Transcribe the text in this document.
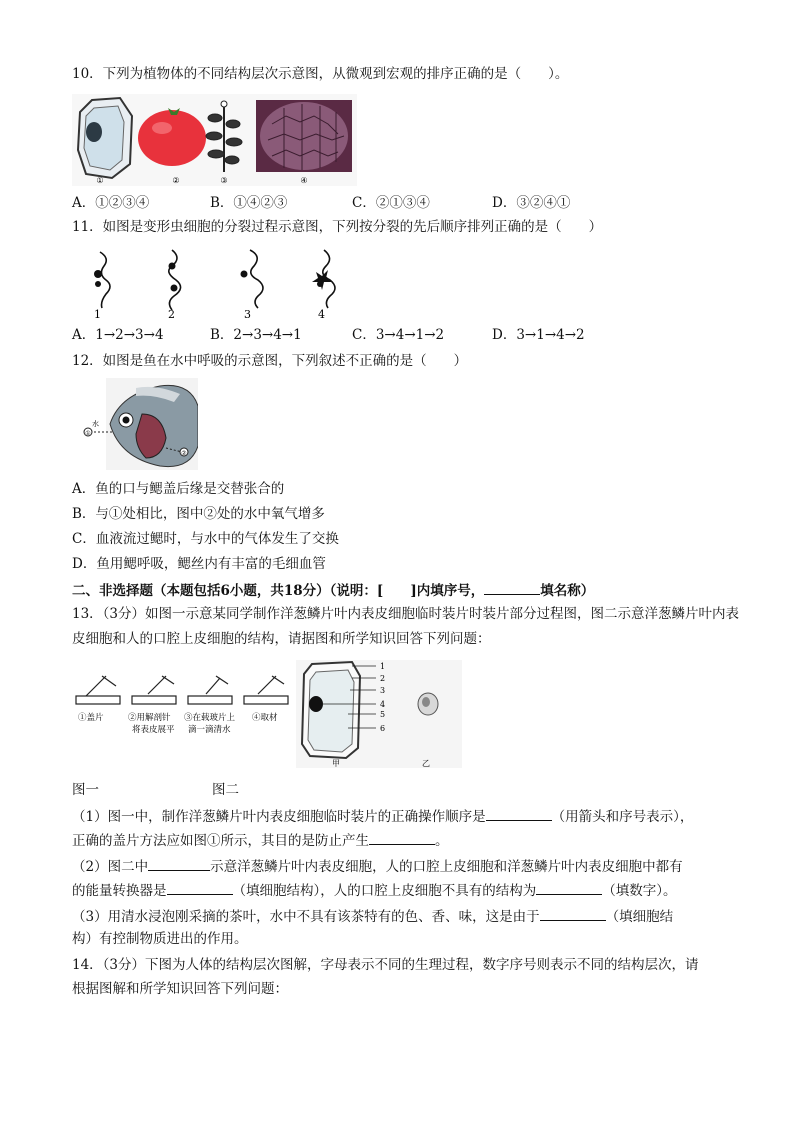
10．下列为植物体的不同结构层次示意图，从微观到宏观的排序正确的是（　　）。
①	②	③	④
A．①②③④	B．①④②③	C．②①③④	D．③②④①
11．如图是变形虫细胞的分裂过程示意图，下列按分裂的先后顺序排列正确的是（　　）
1	2	3	4
A．1→2→3→4	B．2→3→4→1	C．3→4→1→2	D．3→1→4→2
12．如图是鱼在水中呼吸的示意图，下列叙述不正确的是（　　）
①
水
②
A．鱼的口与鳃盖后缘是交替张合的
B．与①处相比，图中②处的水中氧气增多
C．血液流过鳃时，与水中的气体发生了交换
D．鱼用鳃呼吸，鳃丝内有丰富的毛细血管
二、非选择题（本题包括6小题，共18分）（说明：[　　]内填序号，	填名称）
13．（3分）如图一示意某同学制作洋葱鳞片叶内表皮细胞临时装片时装片部分过程图，图二示意洋葱鳞片叶内表
皮细胞和人的口腔上皮细胞的结构，请据图和所学知识回答下列问题：
①盖片	②用解剖针
将表皮展平
③在载玻片上
滴一滴清水
④取材
1
2
3
4
5
6
甲	乙
图一	图二
（1）图一中，制作洋葱鳞片叶内表皮细胞临时装片的正确操作顺序是	（用箭头和序号表示），
正确的盖片方法应如图①所示，其目的是防止产生	。
（2）图二中	示意洋葱鳞片叶内表皮细胞，人的口腔上皮细胞和洋葱鳞片叶内表皮细胞中都有
的能量转换器是	（填细胞结构），人的口腔上皮细胞不具有的结构为	（填数字）。
（3）用清水浸泡刚采摘的茶叶，水中不具有该茶特有的色、香、味，这是由于	（填细胞结
构）有控制物质进出的作用。
14．（3分）下图为人体的结构层次图解，字母表示不同的生理过程，数字序号则表示不同的结构层次，请
根据图解和所学知识回答下列问题：
